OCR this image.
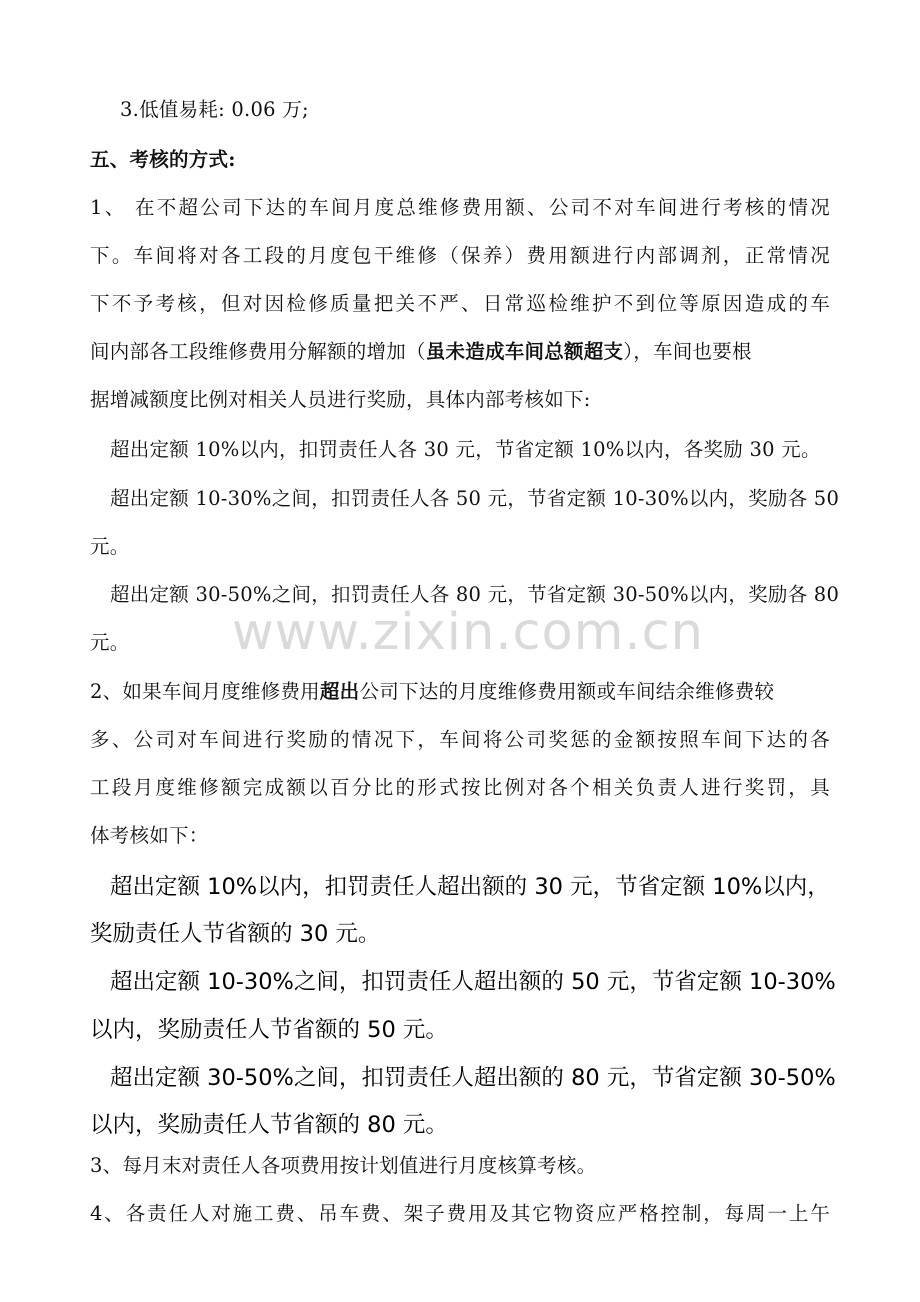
www.zixin.com.cn
3.低值易耗: 0.06 万;
五、考核的方式:
1、 在不超公司下达的车间月度总维修费用额、公司不对车间进行考核的情况
下。车间将对各工段的月度包干维修（保养）费用额进行内部调剂，正常情况
下不予考核，但对因检修质量把关不严、日常巡检维护不到位等原因造成的车
间内部各工段维修费用分解额的增加（虽未造成车间总额超支），车间也要根
据增减额度比例对相关人员进行奖励，具体内部考核如下:
超出定额 10%以内，扣罚责任人各 30 元，节省定额 10%以内，各奖励 30 元。
超出定额 10-30%之间，扣罚责任人各 50 元，节省定额 10-30%以内，奖励各 50
元。
超出定额 30-50%之间，扣罚责任人各 80 元，节省定额 30-50%以内，奖励各 80
元。
2、如果车间月度维修费用超出公司下达的月度维修费用额或车间结余维修费较
多、公司对车间进行奖励的情况下，车间将公司奖惩的金额按照车间下达的各
工段月度维修额完成额以百分比的形式按比例对各个相关负责人进行奖罚，具
体考核如下：
超出定额 10%以内，扣罚责任人超出额的 30 元，节省定额 10%以内，
奖励责任人节省额的 30 元。
超出定额 10-30%之间，扣罚责任人超出额的 50 元，节省定额 10-30%
以内，奖励责任人节省额的 50 元。
超出定额 30-50%之间，扣罚责任人超出额的 80 元，节省定额 30-50%
以内，奖励责任人节省额的 80 元。
3、每月末对责任人各项费用按计划值进行月度核算考核。
4、各责任人对施工费、吊车费、架子费用及其它物资应严格控制，每周一上午
